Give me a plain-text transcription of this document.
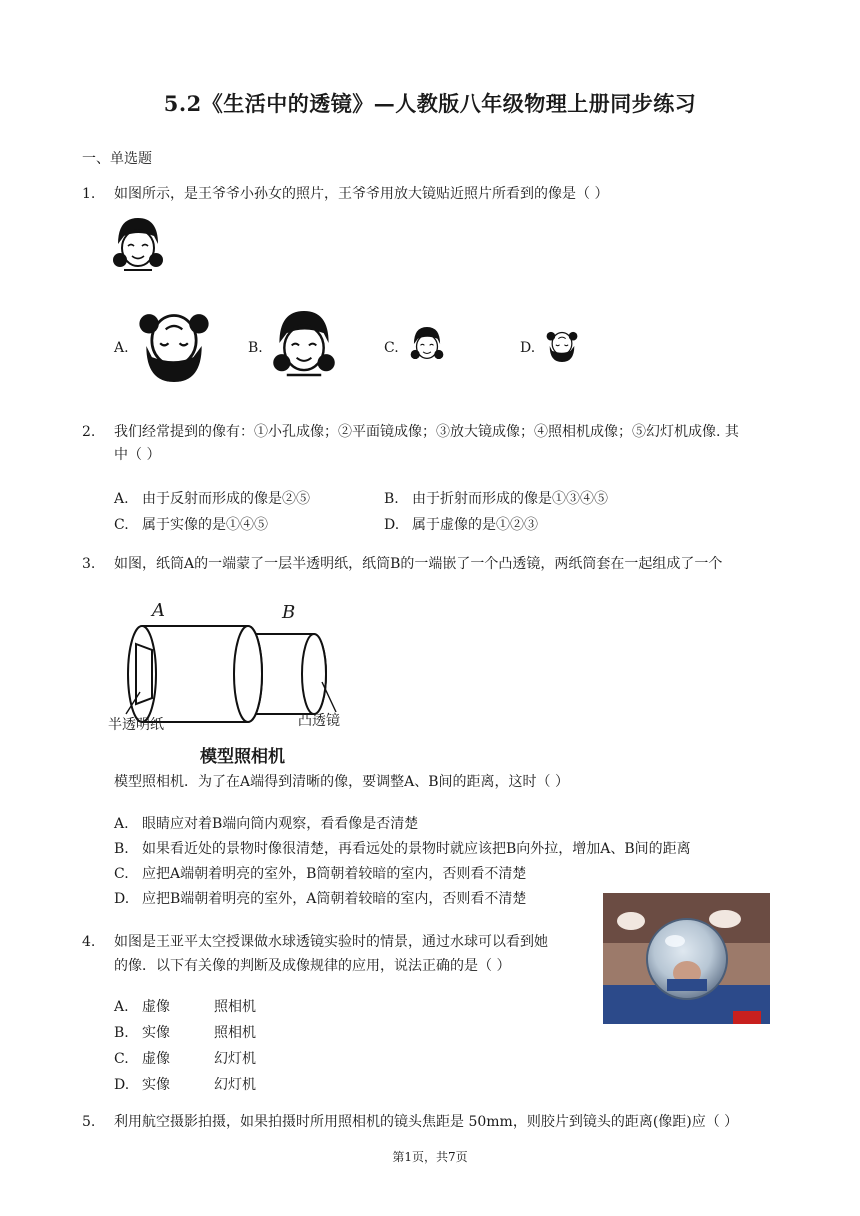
5.2《生活中的透镜》—人教版八年级物理上册同步练习
一、单选题
1. 如图所示，是王爷爷小孙女的照片，王爷爷用放大镜贴近照片所看到的像是（ ）
A.	B.	C.	D.
2. 我们经常提到的像有：①小孔成像；②平面镜成像；③放大镜成像；④照相机成像；⑤幻灯机成像. 其
中（ ）
A. 由于反射而形成的像是②⑤	B. 由于折射而形成的像是①③④⑤
C. 属于实像的是①④⑤	D. 属于虚像的是①②③
3. 如图，纸筒A的一端蒙了一层半透明纸，纸筒B的一端嵌了一个凸透镜，两纸筒套在一起组成了一个
A	B
半透明纸	凸透镜
模型照相机
模型照相机．为了在A端得到清晰的像，要调整A、B间的距离，这时（ ）
A. 眼睛应对着B端向筒内观察，看看像是否清楚
B. 如果看近处的景物时像很清楚，再看远处的景物时就应该把B向外拉，增加A、B间的距离
C. 应把A端朝着明亮的室外，B筒朝着较暗的室内，否则看不清楚
D. 应把B端朝着明亮的室外，A筒朝着较暗的室内，否则看不清楚
4. 如图是王亚平太空授课做水球透镜实验时的情景，通过水球可以看到她
的像．以下有关像的判断及成像规律的应用，说法正确的是（ ）
A. 虚像	照相机
B. 实像	照相机
C. 虚像	幻灯机
D. 实像	幻灯机
5. 利用航空摄影拍摄，如果拍摄时所用照相机的镜头焦距是 50mm，则胶片到镜头的距离(像距)应（ ）
第1页，共7页
